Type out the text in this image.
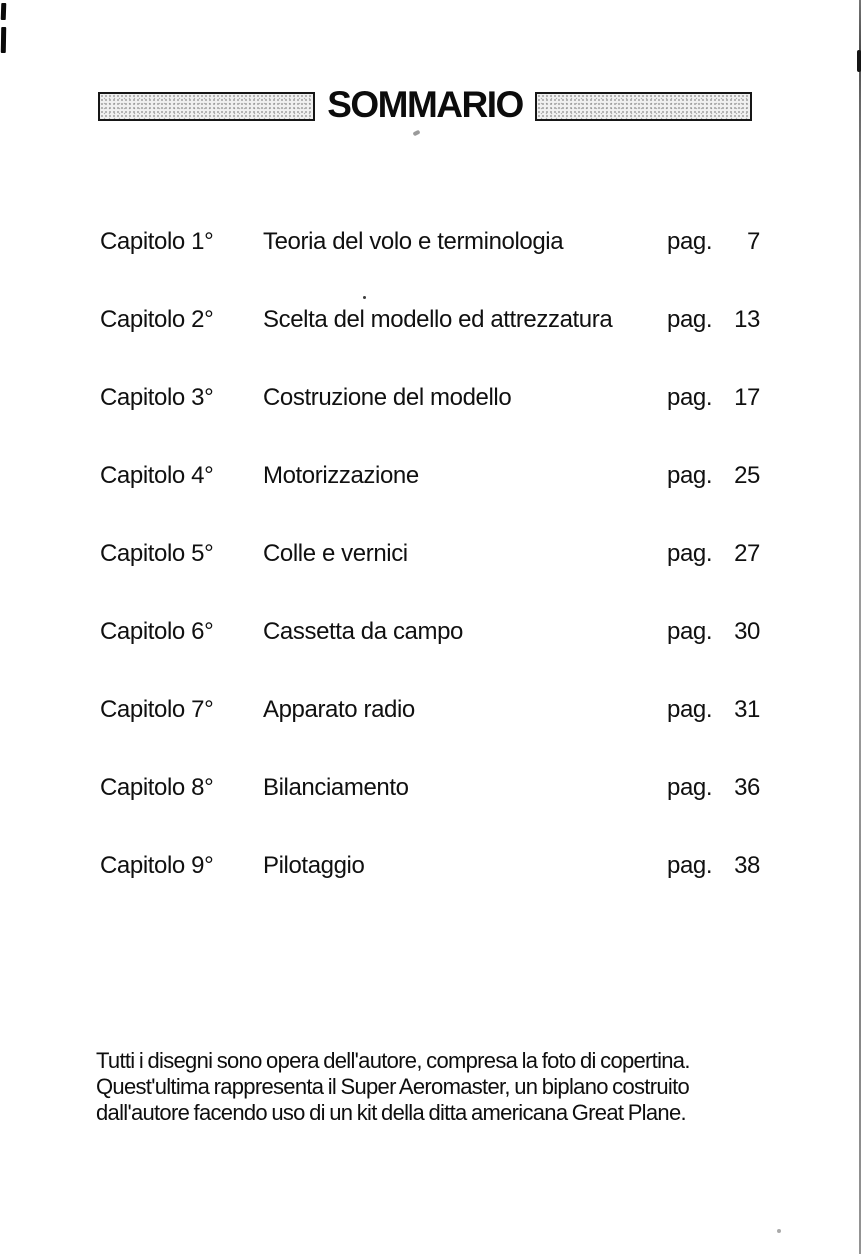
SOMMARIO
Capitolo 1°	Teoria del volo e terminologia	pag.	7
Capitolo 2°	Scelta del modello ed attrezzatura	pag. 13
Capitolo 3°	Costruzione del modello	pag. 17
Capitolo 4°	Motorizzazione	pag. 25
Capitolo 5°	Colle e vernici	pag. 27
Capitolo 6°	Cassetta da campo	pag. 30
Capitolo 7°	Apparato radio	pag. 31
Capitolo 8°	Bilanciamento	pag. 36
Capitolo 9°	Pilotaggio	pag. 38
Tutti i disegni sono opera dell'autore, compresa la foto di copertina.
Quest'ultima rappresenta il Super Aeromaster, un biplano costruito
dall'autore facendo uso di un kit della ditta americana Great Plane.
